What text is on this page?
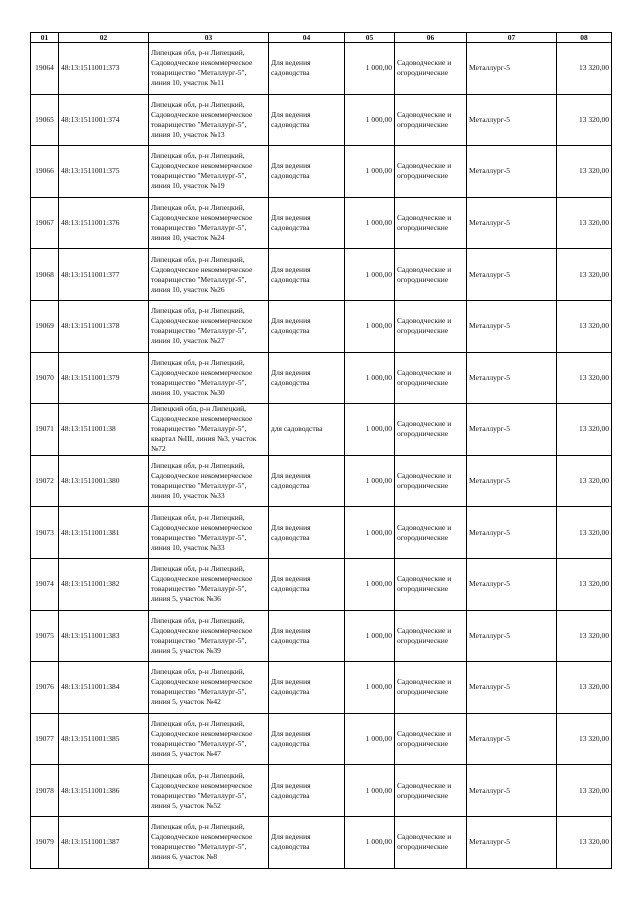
01	02	03	04	05	06	07	08
19064	48:13:1511001:373	Липецкая обл, р-н Липецкий, Садоводческое некоммерческое товарищество "Металлург-5", линия 10, участок №11	Для ведения садоводства	1 000,00	Садоводческие и огороднические	Металлург-5	13 320,00
19065	48:13:1511001:374	Липецкая обл, р-н Липецкий, Садоводческое некоммерческое товарищество "Металлург-5", линия 10, участок №13	Для ведения садоводства	1 000,00	Садоводческие и огороднические	Металлург-5	13 320,00
19066	48:13:1511001:375	Липецкая обл, р-н Липецкий, Садоводческое некоммерческое товарищество "Металлург-5", линия 10, участок №19	Для ведения садоводства	1 000,00	Садоводческие и огороднические	Металлург-5	13 320,00
19067	48:13:1511001:376	Липецкая обл, р-н Липецкий, Садоводческое некоммерческое товарищество "Металлург-5", линия 10, участок №24	Для ведения садоводства	1 000,00	Садоводческие и огороднические	Металлург-5	13 320,00
19068	48:13:1511001:377	Липецкая обл, р-н Липецкий, Садоводческое некоммерческое товарищество "Металлург-5", линия 10, участок №26	Для ведения садоводства	1 000,00	Садоводческие и огороднические	Металлург-5	13 320,00
19069	48:13:1511001:378	Липецкая обл, р-н Липецкий, Садоводческое некоммерческое товарищество "Металлург-5", линия 10, участок №27	Для ведения садоводства	1 000,00	Садоводческие и огороднические	Металлург-5	13 320,00
19070	48:13:1511001:379	Липецкая обл, р-н Липецкий, Садоводческое некоммерческое товарищество "Металлург-5", линия 10, участок №30	Для ведения садоводства	1 000,00	Садоводческие и огороднические	Металлург-5	13 320,00
19071	48:13:1511001:38	Липецкий обл, р-н Липецкий, Садоводческое некоммерческое товарищество "Металлург-5", квартал №III, линия №3, участок №72	для садоводства	1 000,00	Садоводческие и огороднические	Металлург-5	13 320,00
19072	48:13:1511001:380	Липецкая обл, р-н Липецкий, Садоводческое некоммерческое товарищество "Металлург-5", линия 10, участок №33	Для ведения садоводства	1 000,00	Садоводческие и огороднические	Металлург-5	13 320,00
19073	48:13:1511001:381	Липецкая обл, р-н Липецкий, Садоводческое некоммерческое товарищество "Металлург-5", линия 10, участок №33	Для ведения садоводства	1 000,00	Садоводческие и огороднические	Металлург-5	13 320,00
19074	48:13:1511001:382	Липецкая обл, р-н Липецкий, Садоводческое некоммерческое товарищество "Металлург-5", линия 5, участок №36	Для ведения садоводства	1 000,00	Садоводческие и огороднические	Металлург-5	13 320,00
19075	48:13:1511001:383	Липецкая обл, р-н Липецкий, Садоводческое некоммерческое товарищество "Металлург-5", линия 5, участок №39	Для ведения садоводства	1 000,00	Садоводческие и огороднические	Металлург-5	13 320,00
19076	48:13:1511001:384	Липецкая обл, р-н Липецкий, Садоводческое некоммерческое товарищество "Металлург-5", линия 5, участок №42	Для ведения садоводства	1 000,00	Садоводческие и огороднические	Металлург-5	13 320,00
19077	48:13:1511001:385	Липецкая обл, р-н Липецкий, Садоводческое некоммерческое товарищество "Металлург-5", линия 5, участок №47	Для ведения садоводства	1 000,00	Садоводческие и огороднические	Металлург-5	13 320,00
19078	48:13:1511001:386	Липецкая обл, р-н Липецкий, Садоводческое некоммерческое товарищество "Металлург-5", линия 5, участок №52	Для ведения садоводства	1 000,00	Садоводческие и огороднические	Металлург-5	13 320,00
19079	48:13:1511001:387	Липецкая обл, р-н Липецкий, Садоводческое некоммерческое товарищество "Металлург-5", линия 6, участок №8	Для ведения садоводства	1 000,00	Садоводческие и огороднические	Металлург-5	13 320,00
